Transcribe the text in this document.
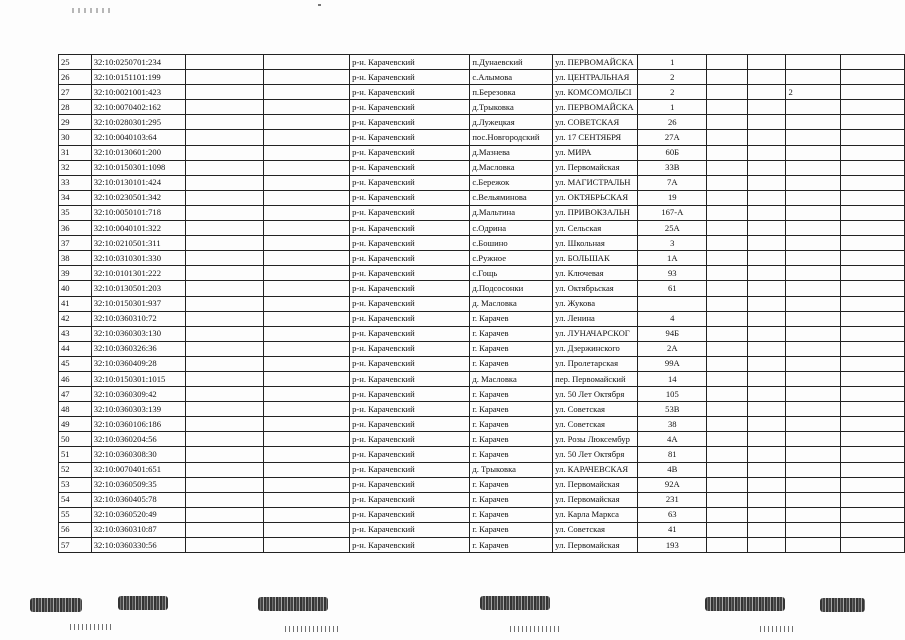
25	32:10:0250701:234			р-н. Карачевский	п.Дунаевский	ул. ПЕРВОМАЙСКА	1				
26	32:10:0151101:199			р-н. Карачевский	с.Алымова	ул. ЦЕНТРАЛЬНАЯ	2				
27	32:10:0021001:423			р-н. Карачевский	п.Березовка	ул. КОМСОМОЛЬСІ	2			2	
28	32:10:0070402:162			р-н. Карачевский	д.Трыковка	ул. ПЕРВОМАЙСКА	1				
29	32:10:0280301:295			р-н. Карачевский	д.Лужецкая	ул. СОВЕТСКАЯ	26				
30	32:10:0040103:64			р-н. Карачевский	пос.Новгородский	ул. 17 СЕНТЯБРЯ	27А				
31	32:10:0130601:200			р-н. Карачевский	д.Мазнева	ул. МИРА	60Б				
32	32:10:0150301:1098			р-н. Карачевский	д.Масловка	ул. Первомайская	33В				
33	32:10:0130101:424			р-н. Карачевский	с.Бережок	ул. МАГИСТРАЛЬН	7А				
34	32:10:0230501:342			р-н. Карачевский	с.Вельяминова	ул. ОКТЯБРЬСКАЯ	19				
35	32:10:0050101:718			р-н. Карачевский	д.Мальтина	ул. ПРИВОКЗАЛЬН	167-А				
36	32:10:0040101:322			р-н. Карачевский	с.Одрина	ул. Сельская	25А				
37	32:10:0210501:311			р-н. Карачевский	с.Бошино	ул. Школьная	3				
38	32:10:0310301:330			р-н. Карачевский	с.Ружное	ул. БОЛЬШАК	1А				
39	32:10:0101301:222			р-н. Карачевский	с.Гощь	ул. Ключевая	93				
40	32:10:0130501:203			р-н. Карачевский	д.Подсосонки	ул. Октябрьская	61				
41	32:10:0150301:937			р-н. Карачевский	д. Масловка	ул. Жукова					
42	32:10:0360310:72			р-н. Карачевский	г. Карачев	ул. Ленина	4				
43	32:10:0360303:130			р-н. Карачевский	г. Карачев	ул. ЛУНАЧАРСКОГ	94Б				
44	32:10:0360326:36			р-н. Карачевский	г. Карачев	ул. Дзержинского	2А				
45	32:10:0360409:28			р-н. Карачевский	г. Карачев	ул. Пролетарская	99А				
46	32:10:0150301:1015			р-н. Карачевский	д. Масловка	пер. Первомайский	14				
47	32:10:0360309:42			р-н. Карачевский	г. Карачев	ул. 50 Лет Октября	105				
48	32:10:0360303:139			р-н. Карачевский	г. Карачев	ул. Советская	53В				
49	32:10:0360106:186			р-н. Карачевский	г. Карачев	ул. Советская	38				
50	32:10:0360204:56			р-н. Карачевский	г. Карачев	ул. Розы Люксембур	4А				
51	32:10:0360308:30			р-н. Карачевский	г. Карачев	ул. 50 Лет Октября	81				
52	32:10:0070401:651			р-н. Карачевский	д. Трыковка	ул. КАРАЧЕВСКАЯ	4В				
53	32:10:0360509:35			р-н. Карачевский	г. Карачев	ул. Первомайская	92А				
54	32:10:0360405:78			р-н. Карачевский	г. Карачев	ул. Первомайская	231				
55	32:10:0360520:49			р-н. Карачевский	г. Карачев	ул. Карла Маркса	63				
56	32:10:0360310:87			р-н. Карачевский	г. Карачев	ул. Советская	41				
57	32:10:0360330:56			р-н. Карачевский	г. Карачев	ул. Первомайская	193				
